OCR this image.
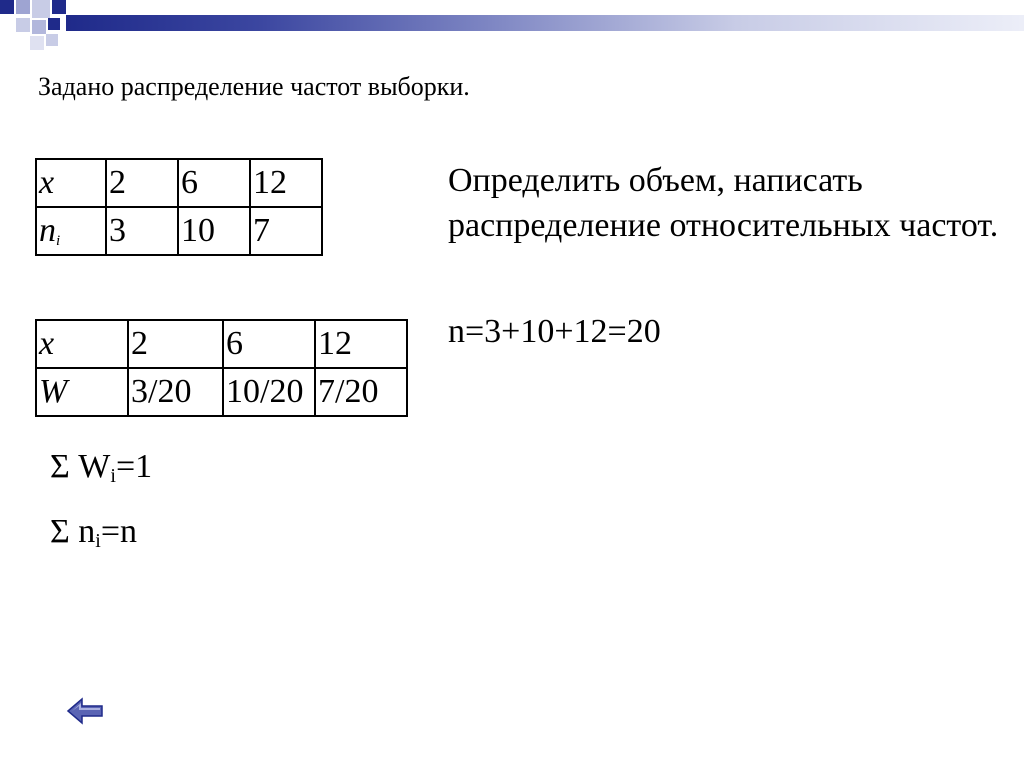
Задано распределение частот выборки.
x	2	6	12
$n_i$	3	10	7
x	2	6	12
W	3/20	10/20	7/20
Определить объем, написать распределение относительных частот.
n=3+10+12=20
Σ $W_i=1$
Σ $n_i=n$
